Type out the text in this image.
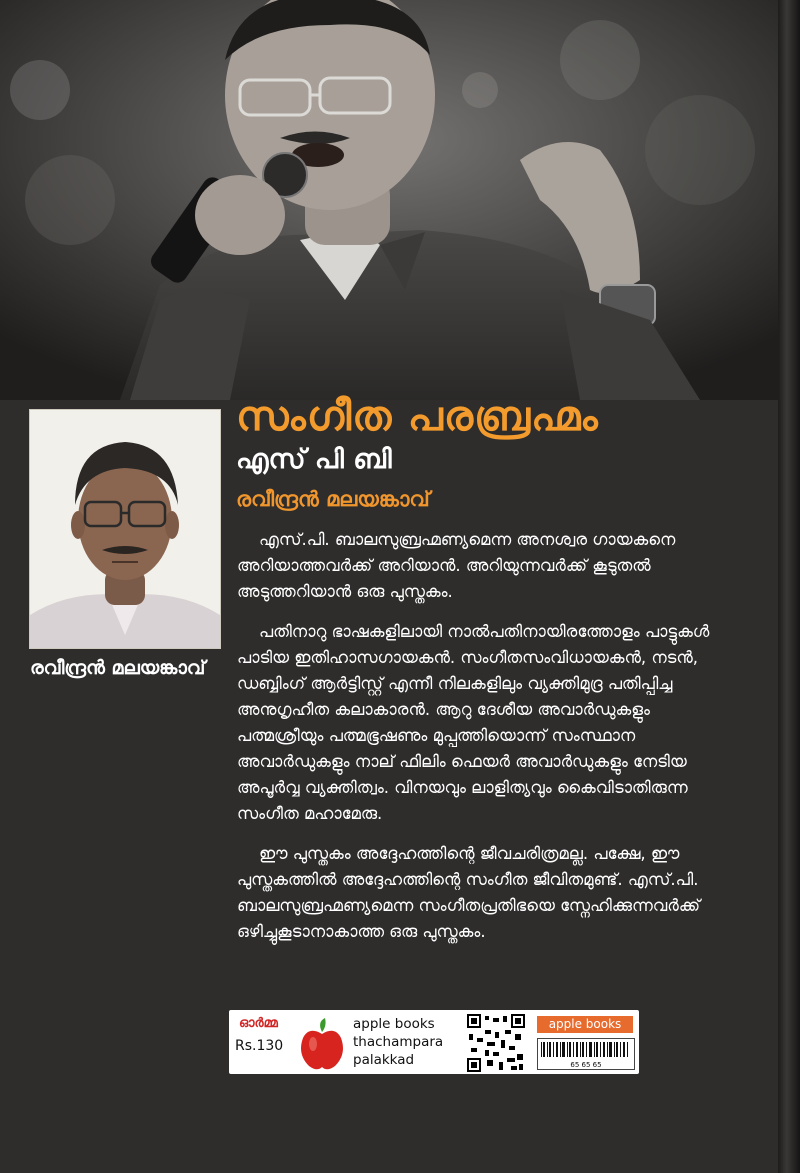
രവീന്ദ്രൻ മലയങ്കാവ്
സംഗീത പരബ്രഹ്മം
എസ് പി ബി
രവീന്ദ്രൻ മലയങ്കാവ്

എസ്.പി. ബാലസുബ്രഹ്മണ്യമെന്ന അനശ്വര ഗായകനെ അറിയാത്തവർക്ക് അറിയാൻ. അറിയുന്നവർക്ക് കൂടുതൽ അടുത്തറിയാൻ ഒരു പുസ്തകം.

പതിനാറു ഭാഷകളിലായി നാൽപതിനായിരത്തോളം പാട്ടുകൾ പാടിയ ഇതിഹാസഗായകൻ. സംഗീതസംവിധായകൻ, നടൻ, ഡബ്ബിംഗ് ആർട്ടിസ്റ്റ് എന്നീ നിലകളിലും വ്യക്തിമുദ്ര പതിപ്പിച്ച അനുഗൃഹീത കലാകാരൻ. ആറു ദേശീയ അവാർഡുകളും പത്മശ്രീയും പത്മഭൂഷണും മുപ്പത്തിയൊന്ന് സംസ്ഥാന അവാർഡുകളും നാല് ഫിലിം ഫെയർ അവാർഡുകളും നേടിയ അപൂർവ്വ വ്യക്തിത്വം. വിനയവും ലാളിത്യവും കൈവിടാതിരുന്ന സംഗീത മഹാമേരു.

ഈ പുസ്തകം അദ്ദേഹത്തിന്റെ ജീവചരിത്രമല്ല. പക്ഷേ, ഈ പുസ്തകത്തിൽ അദ്ദേഹത്തിന്റെ സംഗീത ജീവിതമുണ്ട്. എസ്.പി. ബാലസുബ്രഹ്മണ്യമെന്ന സംഗീതപ്രതിഭയെ സ്നേഹിക്കുന്നവർക്ക് ഒഴിച്ചുകൂടാനാകാത്ത ഒരു പുസ്തകം.

ഓർമ്മ
Rs.130
apple books
thachampara
palakkad
apple books
65 65 65
